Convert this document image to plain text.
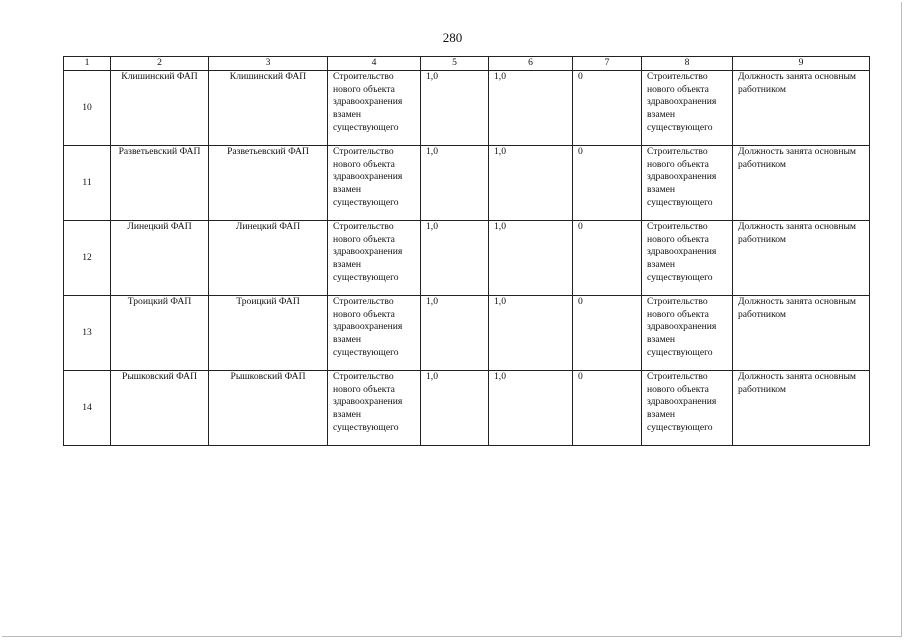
280
1	2	3	4	5	6	7	8	9
10	Клишинский ФАП	Клишинский ФАП	Строительство нового объекта здравоохранения взамен существующего	1,0	1,0	0	Строительство нового объекта здравоохранения взамен существующего	Должность занята основным работником
11	Разветьевский ФАП	Разветьевский ФАП	Строительство нового объекта здравоохранения взамен существующего	1,0	1,0	0	Строительство нового объекта здравоохранения взамен существующего	Должность занята основным работником
12	Линецкий ФАП	Линецкий ФАП	Строительство нового объекта здравоохранения взамен существующего	1,0	1,0	0	Строительство нового объекта здравоохранения взамен существующего	Должность занята основным работником
13	Троицкий ФАП	Троицкий ФАП	Строительство нового объекта здравоохранения взамен существующего	1,0	1,0	0	Строительство нового объекта здравоохранения взамен существующего	Должность занята основным работником
14	Рышковский ФАП	Рышковский ФАП	Строительство нового объекта здравоохранения взамен существующего	1,0	1,0	0	Строительство нового объекта здравоохранения взамен существующего	Должность занята основным работником
